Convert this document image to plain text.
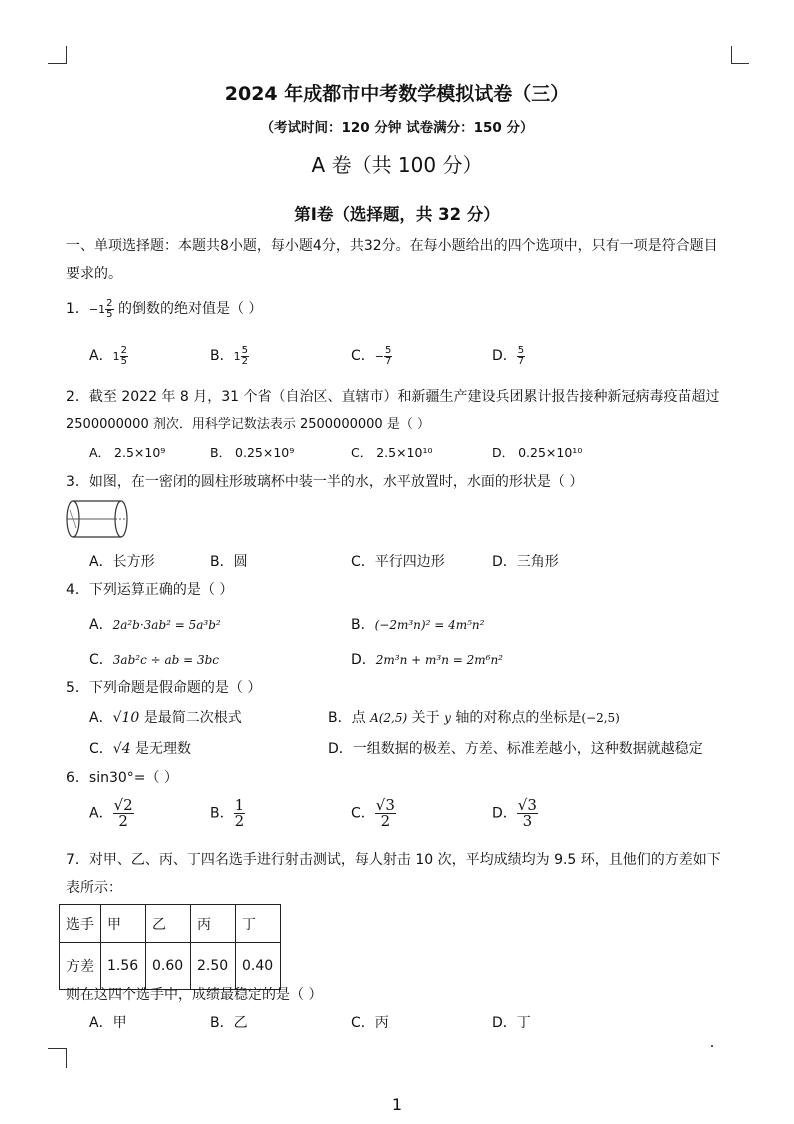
2024 年成都市中考数学模拟试卷（三）
（考试时间：120 分钟 试卷满分：150 分）
A 卷（共 100 分）
第Ⅰ卷（选择题，共 32 分）
一、单项选择题：本题共8小题，每小题4分，共32分。在每小题给出的四个选项中，只有一项是符合题目
要求的。
1．$-1 \frac{2}{5}$ 的倒数的绝对值是（ ）
A．$1 \frac{2}{5}$	B．$1 \frac{5}{2}$	C．− $\frac{5}{7}$	D． $\frac{5}{7}$
2．截至 2022 年 8 月，31 个省（自治区、直辖市）和新疆生产建设兵团累计报告接种新冠病毒疫苗超过
2500000000 剂次．用科学记数法表示 2500000000 是（ ）
A． 2.5×10⁹	B． 0.25×10⁹	C． 2.5×10¹⁰	D． 0.25×10¹⁰
3．如图，在一密闭的圆柱形玻璃杯中装一半的水，水平放置时，水面的形状是（ ）
A．长方形	B．圆	C．平行四边形	D．三角形
4．下列运算正确的是（ ）
A．2a²b·3ab² = 5a³b²	B．(−2m³n)² = 4m⁵n²
C．3ab²c ÷ ab = 3bc	D．2m³n + m³n = 2m⁶n²
5．下列命题是假命题的是（ ）
A．√10 是最简二次根式	B．点 A(2,5) 关于 y 轴的对称点的坐标是(−2,5)
C．√4 是无理数	D．一组数据的极差、方差、标准差越小，这种数据就越稳定
6．sin30°=（ ）
A． $\frac{√2}{2}$	B． $\frac{1}{2}$	C． $\frac{√3}{2}$	D． $\frac{√3}{3}$
7．对甲、乙、丙、丁四名选手进行射击测试，每人射击 10 次，平均成绩均为 9.5 环，且他们的方差如下
表所示：
选手	甲	乙	丙	丁
方差	1.56	0.60	2.50	0.40
则在这四个选手中，成绩最稳定的是（ ）
A．甲	B．乙	C．丙	D．丁
1
